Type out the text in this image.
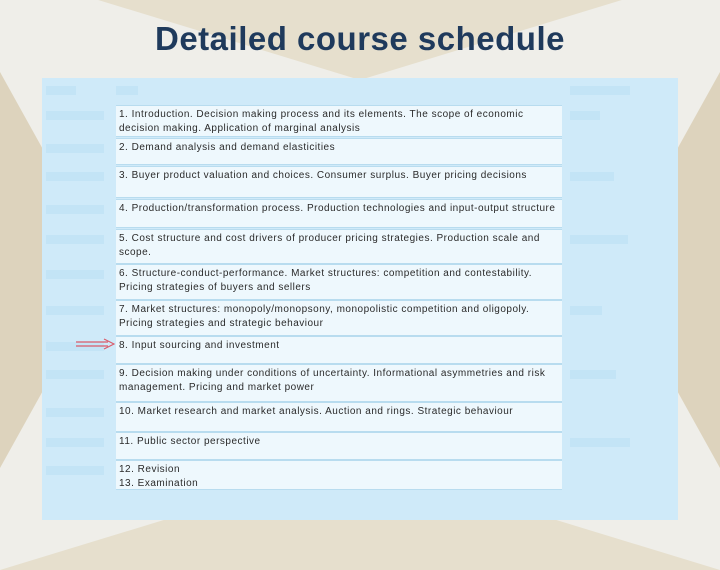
Detailed course schedule
1. Introduction. Decision making process and its elements. The scope of economic decision making. Application of marginal analysis
2. Demand analysis and demand elasticities
3. Buyer product valuation and choices. Consumer surplus. Buyer pricing decisions
4. Production/transformation process. Production technologies and input-output structure
5. Cost structure and cost drivers of producer pricing strategies. Production scale and scope.
6. Structure-conduct-performance. Market structures: competition and contestability. Pricing strategies of buyers and sellers
7. Market structures: monopoly/monopsony, monopolistic competition and oligopoly. Pricing strategies and strategic behaviour
8. Input sourcing and investment
9. Decision making under conditions of uncertainty. Informational asymmetries and risk management. Pricing and market power
10. Market research and market analysis. Auction and rings. Strategic behaviour
11. Public sector perspective
12. Revision
13. Examination
